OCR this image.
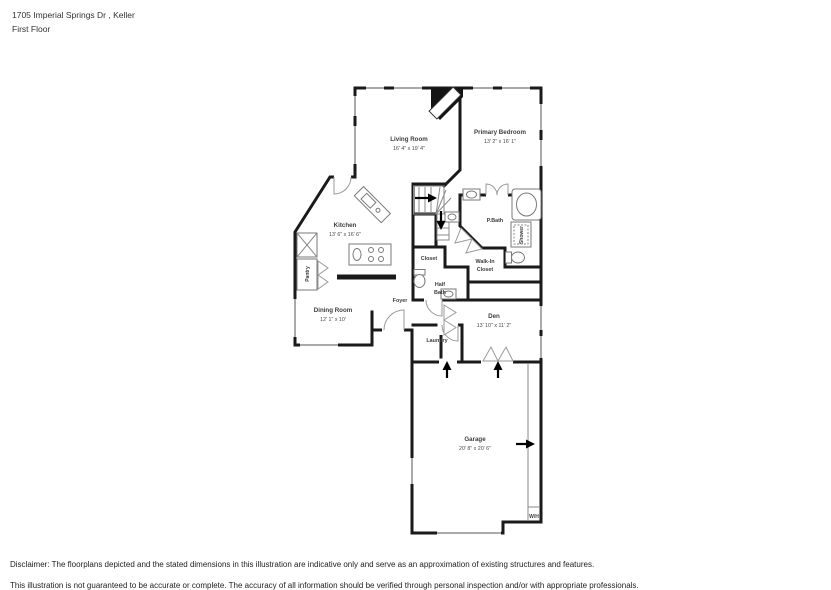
1705 Imperial Springs Dr , Keller
First Floor
Living Room
16' 4" x 19' 4"
Primary Bedroom
13' 2" x 16' 1"
P.Bath
Shower
Walk-In
Closet
Kitchen
13' 6" x 16' 6"
Pantry
Closet
Half
Bath
Foyer
Dining Room
12' 1" x 10'
Laundry
Den
13' 10" x 11' 2"
Garage
20' 8" x 20' 6"
W/H
Disclaimer: The floorplans depicted and the stated dimensions in this illustration are indicative only and serve as an approximation of existing structures and features.
This illustration is not guaranteed to be accurate or complete. The accuracy of all information should be verified through personal inspection and/or with appropriate professionals.
